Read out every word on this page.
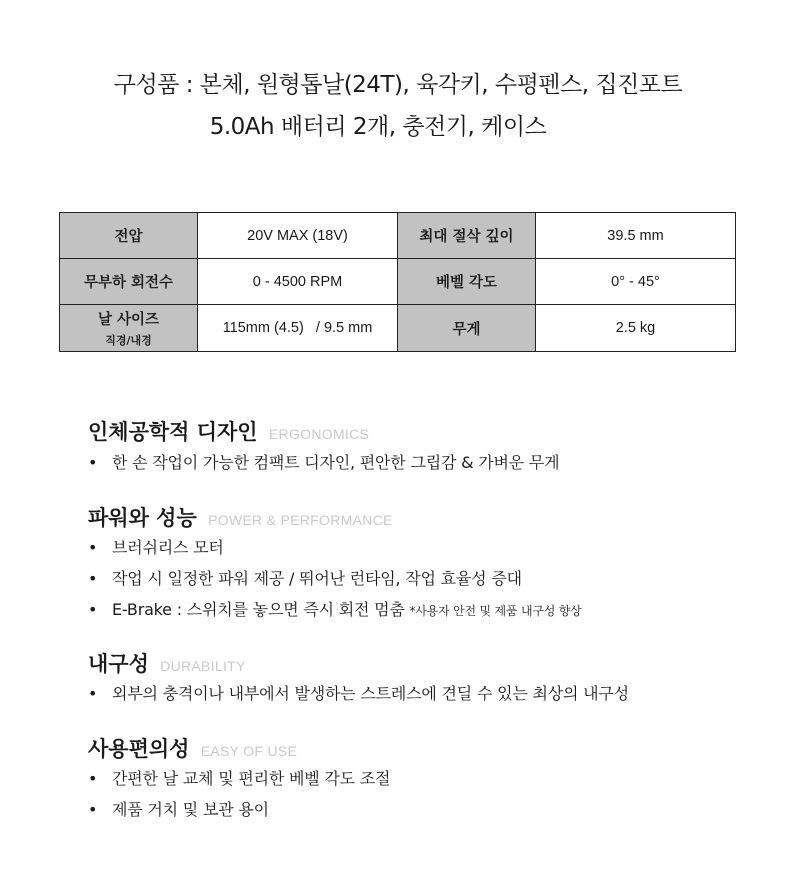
구성품 : 본체, 원형톱날(24T), 육각키, 수평펜스, 집진포트
5.0Ah 배터리 2개, 충전기, 케이스
전압	20V MAX (18V)	최대 절삭 깊이	39.5 mm
무부하 회전수	0 - 4500 RPM	베벨 각도	0° - 45°

날 사이즈
직경/내경	115mm (4.5)   / 9.5 mm	무게	2.5 kg
인체공학적 디자인 ERGONOMICS
• 한 손 작업이 가능한 컴팩트 디자인, 편안한 그립감 & 가벼운 무게
파워와 성능 POWER & PERFORMANCE
• 브러쉬리스 모터
• 작업 시 일정한 파워 제공 / 뛰어난 런타임, 작업 효율성 증대
• E-Brake : 스위치를 놓으면 즉시 회전 멈춤 *사용자 안전 및 제품 내구성 향상
내구성 DURABILITY
• 외부의 충격이나 내부에서 발생하는 스트레스에 견딜 수 있는 최상의 내구성
사용편의성 EASY OF USE
• 간편한 날 교체 및 편리한 베벨 각도 조절
• 제품 거치 및 보관 용이
